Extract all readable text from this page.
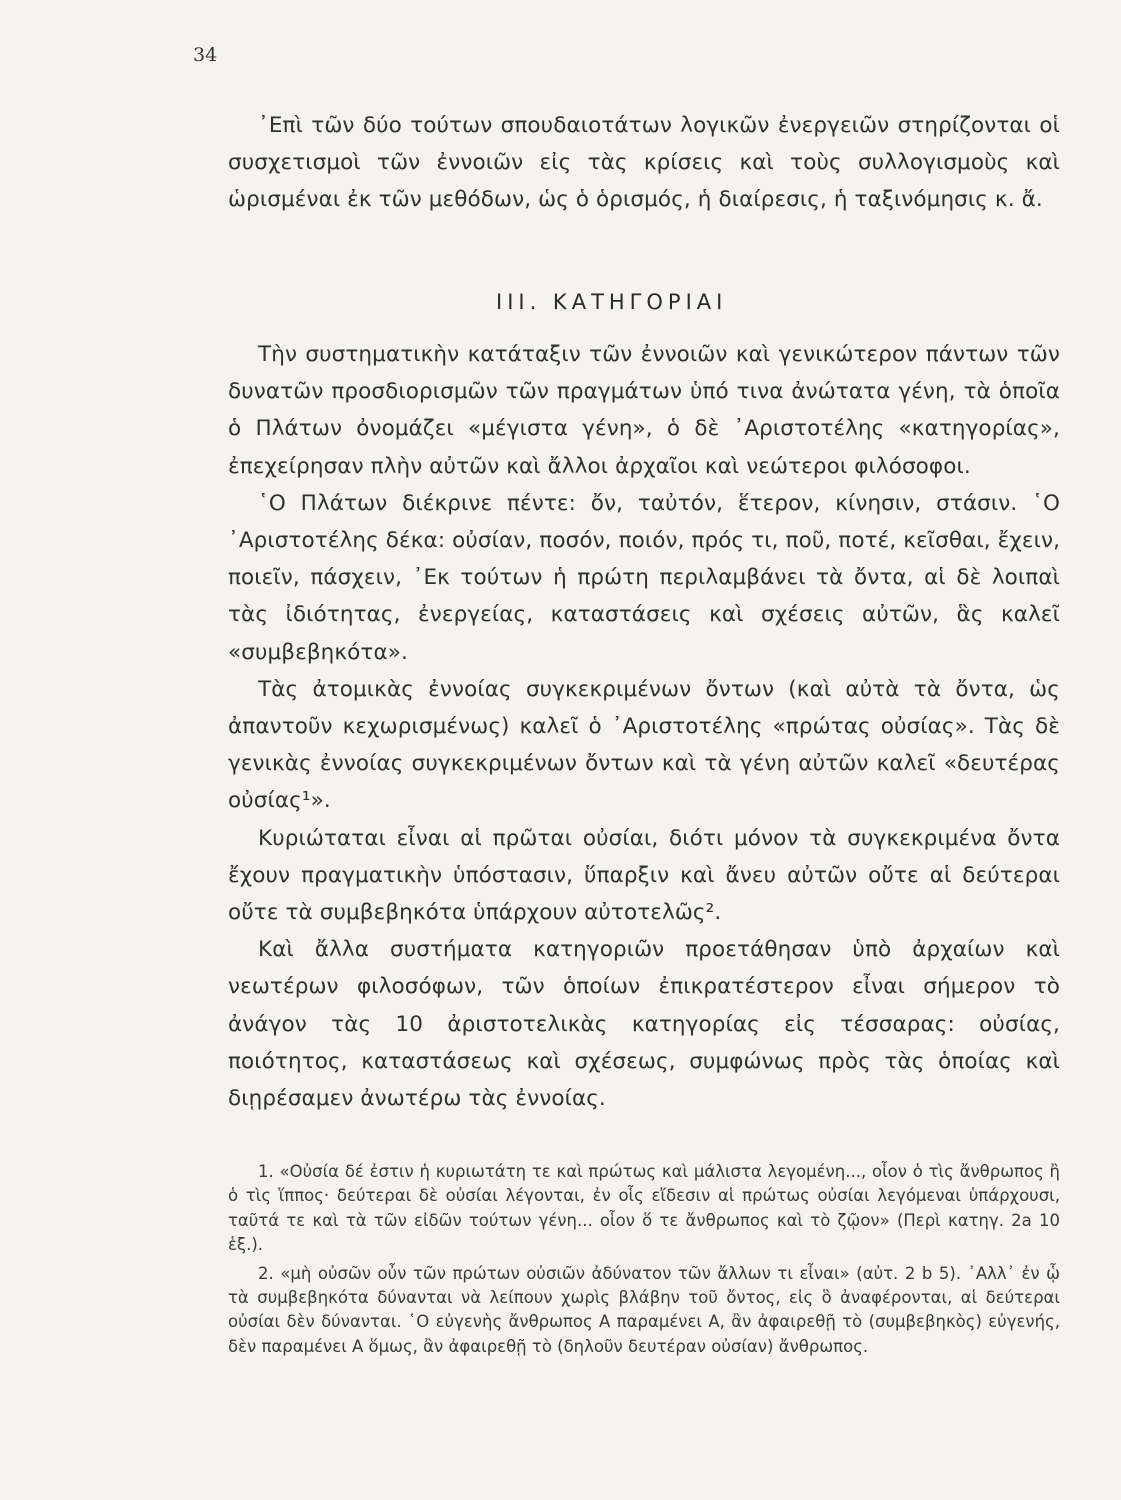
34

᾿Επὶ τῶν δύο τούτων σπουδαιοτάτων λογικῶν ἐνεργειῶν στηρίζονται οἱ συσχετισμοὶ τῶν ἐννοιῶν εἰς τὰς κρίσεις καὶ τοὺς συλλογισμοὺς καὶ ὡρισμέναι ἐκ τῶν μεθόδων, ὡς ὁ ὁρισμός, ἡ διαίρεσις, ἡ ταξινόμησις κ. ἄ.

III. ΚΑΤΗΓΟΡΙΑΙ

Τὴν συστηματικὴν κατάταξιν τῶν ἐννοιῶν καὶ γενικώτερον πάντων τῶν δυνατῶν προσδιορισμῶν τῶν πραγμάτων ὑπό τινα ἀνώτατα γένη, τὰ ὁποῖα ὁ Πλάτων ὀνομάζει «μέγιστα γένη», ὁ δὲ ᾿Αριστοτέλης «κατηγορίας», ἐπεχείρησαν πλὴν αὐτῶν καὶ ἄλλοι ἀρχαῖοι καὶ νεώτεροι φιλόσοφοι.

῾Ο Πλάτων διέκρινε πέντε: ὄν, ταὐτόν, ἕτερον, κίνησιν, στάσιν. ῾Ο ᾿Αριστοτέλης δέκα: οὐσίαν, ποσόν, ποιόν, πρός τι, ποῦ, ποτέ, κεῖσθαι, ἔχειν, ποιεῖν, πάσχειν, ᾿Εκ τούτων ἡ πρώτη περιλαμβάνει τὰ ὄντα, αἱ δὲ λοιπαὶ τὰς ἰδιότητας, ἐνεργείας, καταστάσεις καὶ σχέσεις αὐτῶν, ἃς καλεῖ «συμβεβηκότα».

Τὰς ἀτομικὰς ἐννοίας συγκεκριμένων ὄντων (καὶ αὐτὰ τὰ ὄντα, ὡς ἀπαντοῦν κεχωρισμένως) καλεῖ ὁ ᾿Αριστοτέλης «πρώτας οὐσίας». Τὰς δὲ γενικὰς ἐννοίας συγκεκριμένων ὄντων καὶ τὰ γένη αὐτῶν καλεῖ «δευτέρας οὐσίας¹».

Κυριώταται εἶναι αἱ πρῶται οὐσίαι, διότι μόνον τὰ συγκεκριμένα ὄντα ἔχουν πραγματικὴν ὑπόστασιν, ὕπαρξιν καὶ ἄνευ αὐτῶν οὔτε αἱ δεύτεραι οὔτε τὰ συμβεβηκότα ὑπάρχουν αὐτοτελῶς².

Καὶ ἄλλα συστήματα κατηγοριῶν προετάθησαν ὑπὸ ἀρχαίων καὶ νεωτέρων φιλοσόφων, τῶν ὁποίων ἐπικρατέστερον εἶναι σήμερον τὸ ἀνάγον τὰς 10 ἀριστοτελικὰς κατηγορίας εἰς τέσσαρας: οὐσίας, ποιότητος, καταστάσεως καὶ σχέσεως, συμφώνως πρὸς τὰς ὁποίας καὶ διῃρέσαμεν ἀνωτέρω τὰς ἐννοίας.

1. «Οὐσία δέ ἐστιν ἡ κυριωτάτη τε καὶ πρώτως καὶ μάλιστα λεγομένη..., οἷον ὁ τὶς ἄνθρωπος ἢ ὁ τὶς ἵππος· δεύτεραι δὲ οὐσίαι λέγονται, ἐν οἷς εἴδεσιν αἱ πρώτως οὐσίαι λεγόμεναι ὑπάρχουσι, ταῦτά τε καὶ τὰ τῶν εἰδῶν τούτων γένη... οἷον ὅ τε ἄνθρωπος καὶ τὸ ζῷον» (Περὶ κατηγ. 2a 10 ἑξ.).

2. «μὴ οὐσῶν οὖν τῶν πρώτων οὐσιῶν ἀδύνατον τῶν ἄλλων τι εἶναι» (αὐτ. 2 b 5). ᾿Αλλ᾿ ἐν ᾧ τὰ συμβεβηκότα δύνανται νὰ λείπουν χωρὶς βλάβην τοῦ ὄντος, εἰς ὃ ἀναφέρονται, αἱ δεύτεραι οὐσίαι δὲν δύνανται. ῾Ο εὐγενὴς ἄνθρωπος Α παραμένει Α, ἂν ἀφαιρεθῇ τὸ (συμβεβηκὸς) εὐγενής, δὲν παραμένει Α ὅμως, ἂν ἀφαιρεθῇ τὸ (δηλοῦν δευτέραν οὐσίαν) ἄνθρωπος.
